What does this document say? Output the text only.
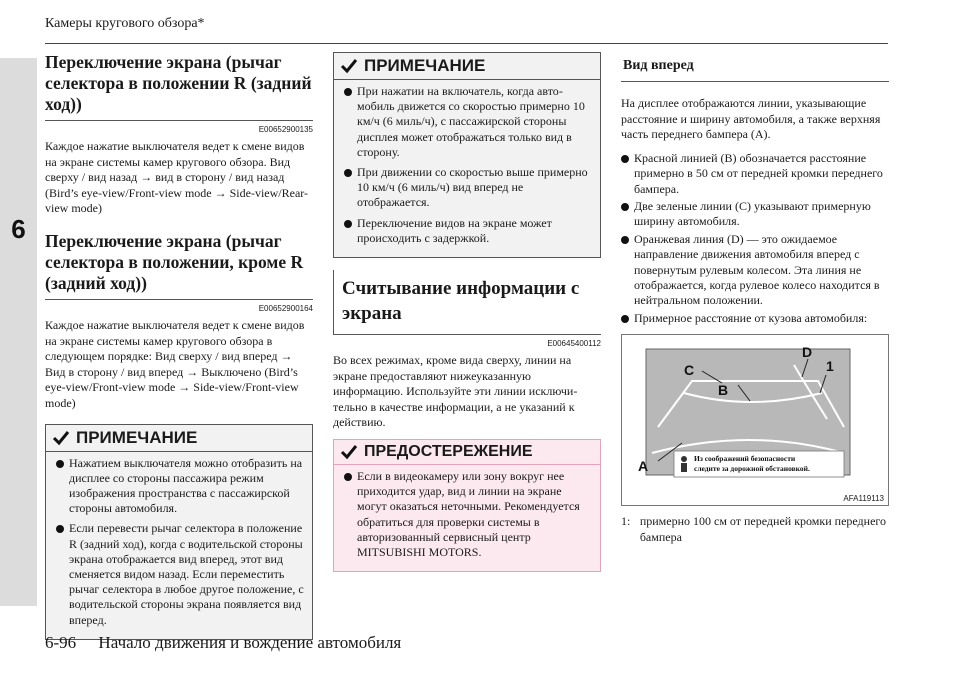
6
Камеры кругового обзора*
Переключение экрана (рычаг селектора в положении R (задний ход))
E00652900135

Каждое нажатие выключателя ведет к смене видов на экране системы камер кругового обзора. Вид сверху / вид назад → вид в сторону / вид назад (Bird’s eye-view/Front-view mode → Side-view/Rear-view mode)

Переключение экрана (рычаг селектора в положении, кроме R (задний ход))
E00652900164

Каждое нажатие выключателя ведет к смене видов на экране системы камер кругового обзора в следующем порядке: Вид сверху / вид вперед → Вид в сторону / вид вперед → Выключено (Bird’s eye-view/Front-view mode → Side-view/Front-view mode)

ПРИМЕЧАНИЕ
Нажатием выключателя можно отобразить на дисплее со стороны пассажира режим изображения пространства с пассажирской стороны автомобиля.
Если перевести рычаг селектора в положение R (задний ход), когда с водительской стороны экрана отображается вид вперед, этот вид сменяется видом назад. Если переместить рычаг селектора в любое другое положение, с водительской стороны экрана появляется вид вперед.
ПРИМЕЧАНИЕ
При нажатии на включатель, когда автомобиль движется со скоростью примерно 10 км/ч (6 миль/ч), с пассажирской стороны дисплея может отображаться только вид в сторону.
При движении со скоростью выше примерно 10 км/ч (6 миль/ч) вид вперед не отображается.
Переключение видов на экране может происходить с задержкой.
Считывание информации с экрана
E00645400112

Во всех режимах, кроме вида сверху, линии на экране предоставляют нижеуказанную информацию. Используйте эти линии исключительно в качестве информации, а не указаний к действию.

ПРЕДОСТЕРЕЖЕНИЕ
Если в видеокамеру или зону вокруг нее приходится удар, вид и линии на экране могут оказаться неточными. Рекомендуется обратиться для проверки системы в авторизованный сервисный центр MITSUBISHI MOTORS.
Вид вперед

На дисплее отображаются линии, указывающие расстояние и ширину автомобиля, а также верхняя часть переднего бампера (A).

Красной линией (B) обозначается расстояние примерно в 50 см от передней кромки переднего бампера.
Две зеленые линии (C) указывают примерную ширину автомобиля.
Оранжевая линия (D) — это ожидаемое направление движения автомобиля вперед с повернутым рулевым колесом. Эта линия не отображается, когда рулевое колесо находится в нейтральном положении.
Примерное расстояние от кузова автомобиля:
A
B
C
D
1
Из соображений безопасности
следите за дорожной обстановкой.
AFA119113
1: примерно 100 см от передней кромки переднего бампера
6-96 Начало движения и вождение автомобиля
